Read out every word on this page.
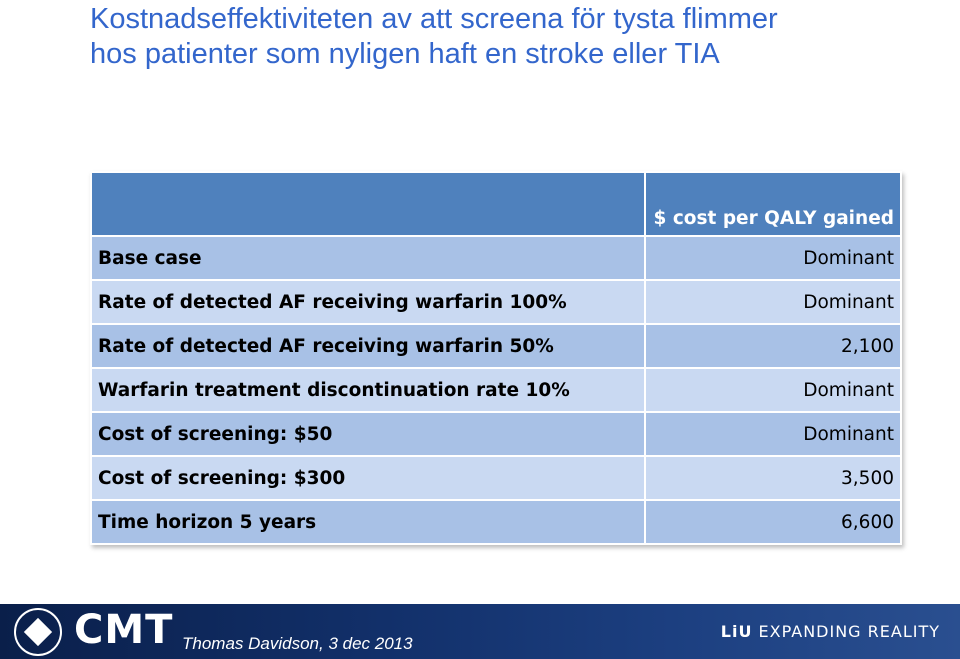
Kostnadseffektiviteten av att screena för tysta flimmer
hos patienter som nyligen haft en stroke eller TIA
	$ cost per QALY gained
Base case	Dominant
Rate of detected AF receiving warfarin 100%	Dominant
Rate of detected AF receiving warfarin 50%	2,100
Warfarin treatment discontinuation rate 10%	Dominant
Cost of screening: $50	Dominant
Cost of screening: $300	3,500
Time horizon 5 years	6,600
CMT Thomas Davidson, 3 dec 2013
LiU EXPANDING REALITY
